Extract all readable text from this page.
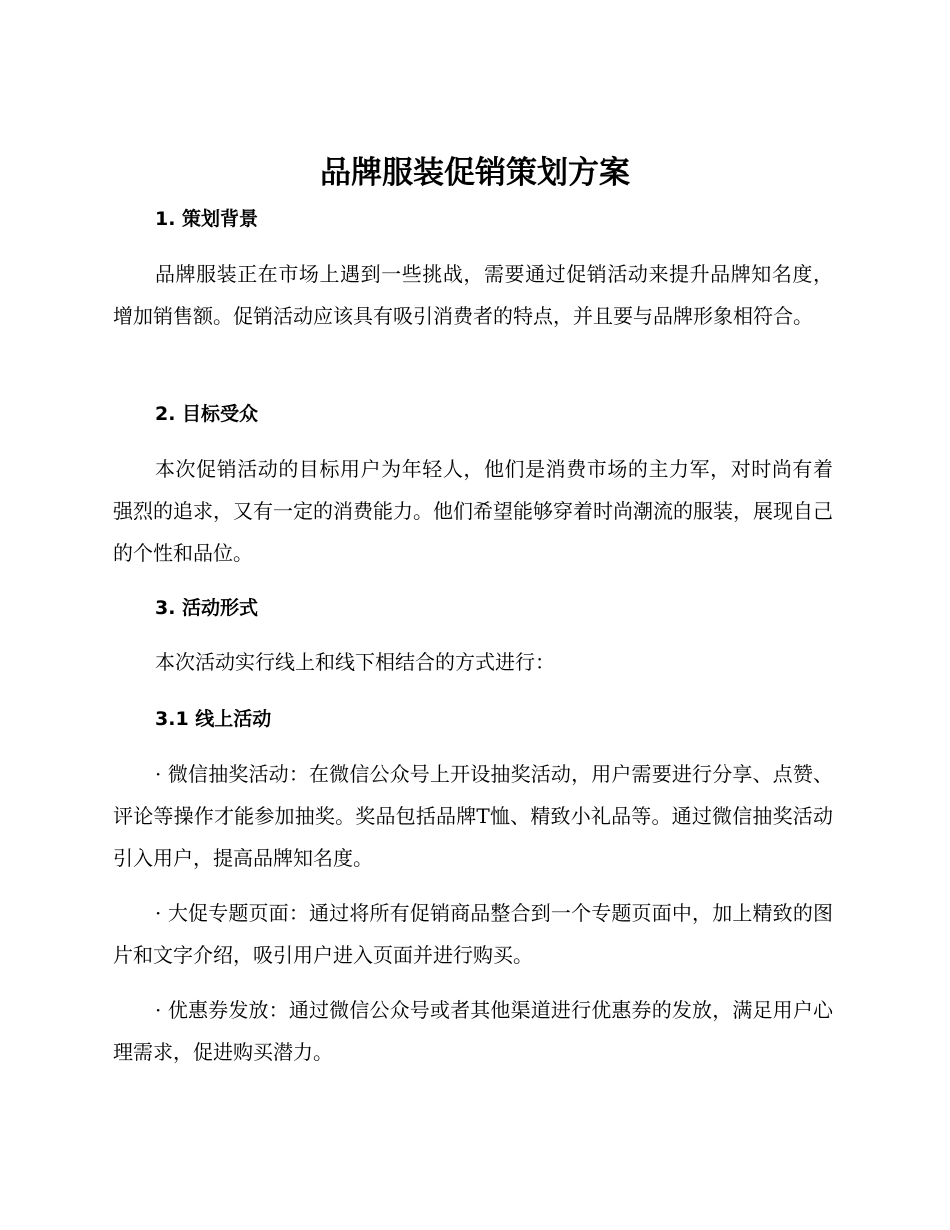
品牌服装促销策划方案
1. 策划背景

品牌服装正在市场上遇到一些挑战，需要通过促销活动来提升品牌知名度，增加销售额。促销活动应该具有吸引消费者的特点，并且要与品牌形象相符合。

2. 目标受众

本次促销活动的目标用户为年轻人，他们是消费市场的主力军，对时尚有着强烈的追求，又有一定的消费能力。他们希望能够穿着时尚潮流的服装，展现自己的个性和品位。

3. 活动形式

本次活动实行线上和线下相结合的方式进行：

3.1 线上活动

· 微信抽奖活动：在微信公众号上开设抽奖活动，用户需要进行分享、点赞、评论等操作才能参加抽奖。奖品包括品牌T恤、精致小礼品等。通过微信抽奖活动引入用户，提高品牌知名度。

· 大促专题页面：通过将所有促销商品整合到一个专题页面中，加上精致的图片和文字介绍，吸引用户进入页面并进行购买。

· 优惠券发放：通过微信公众号或者其他渠道进行优惠券的发放，满足用户心理需求，促进购买潜力。
